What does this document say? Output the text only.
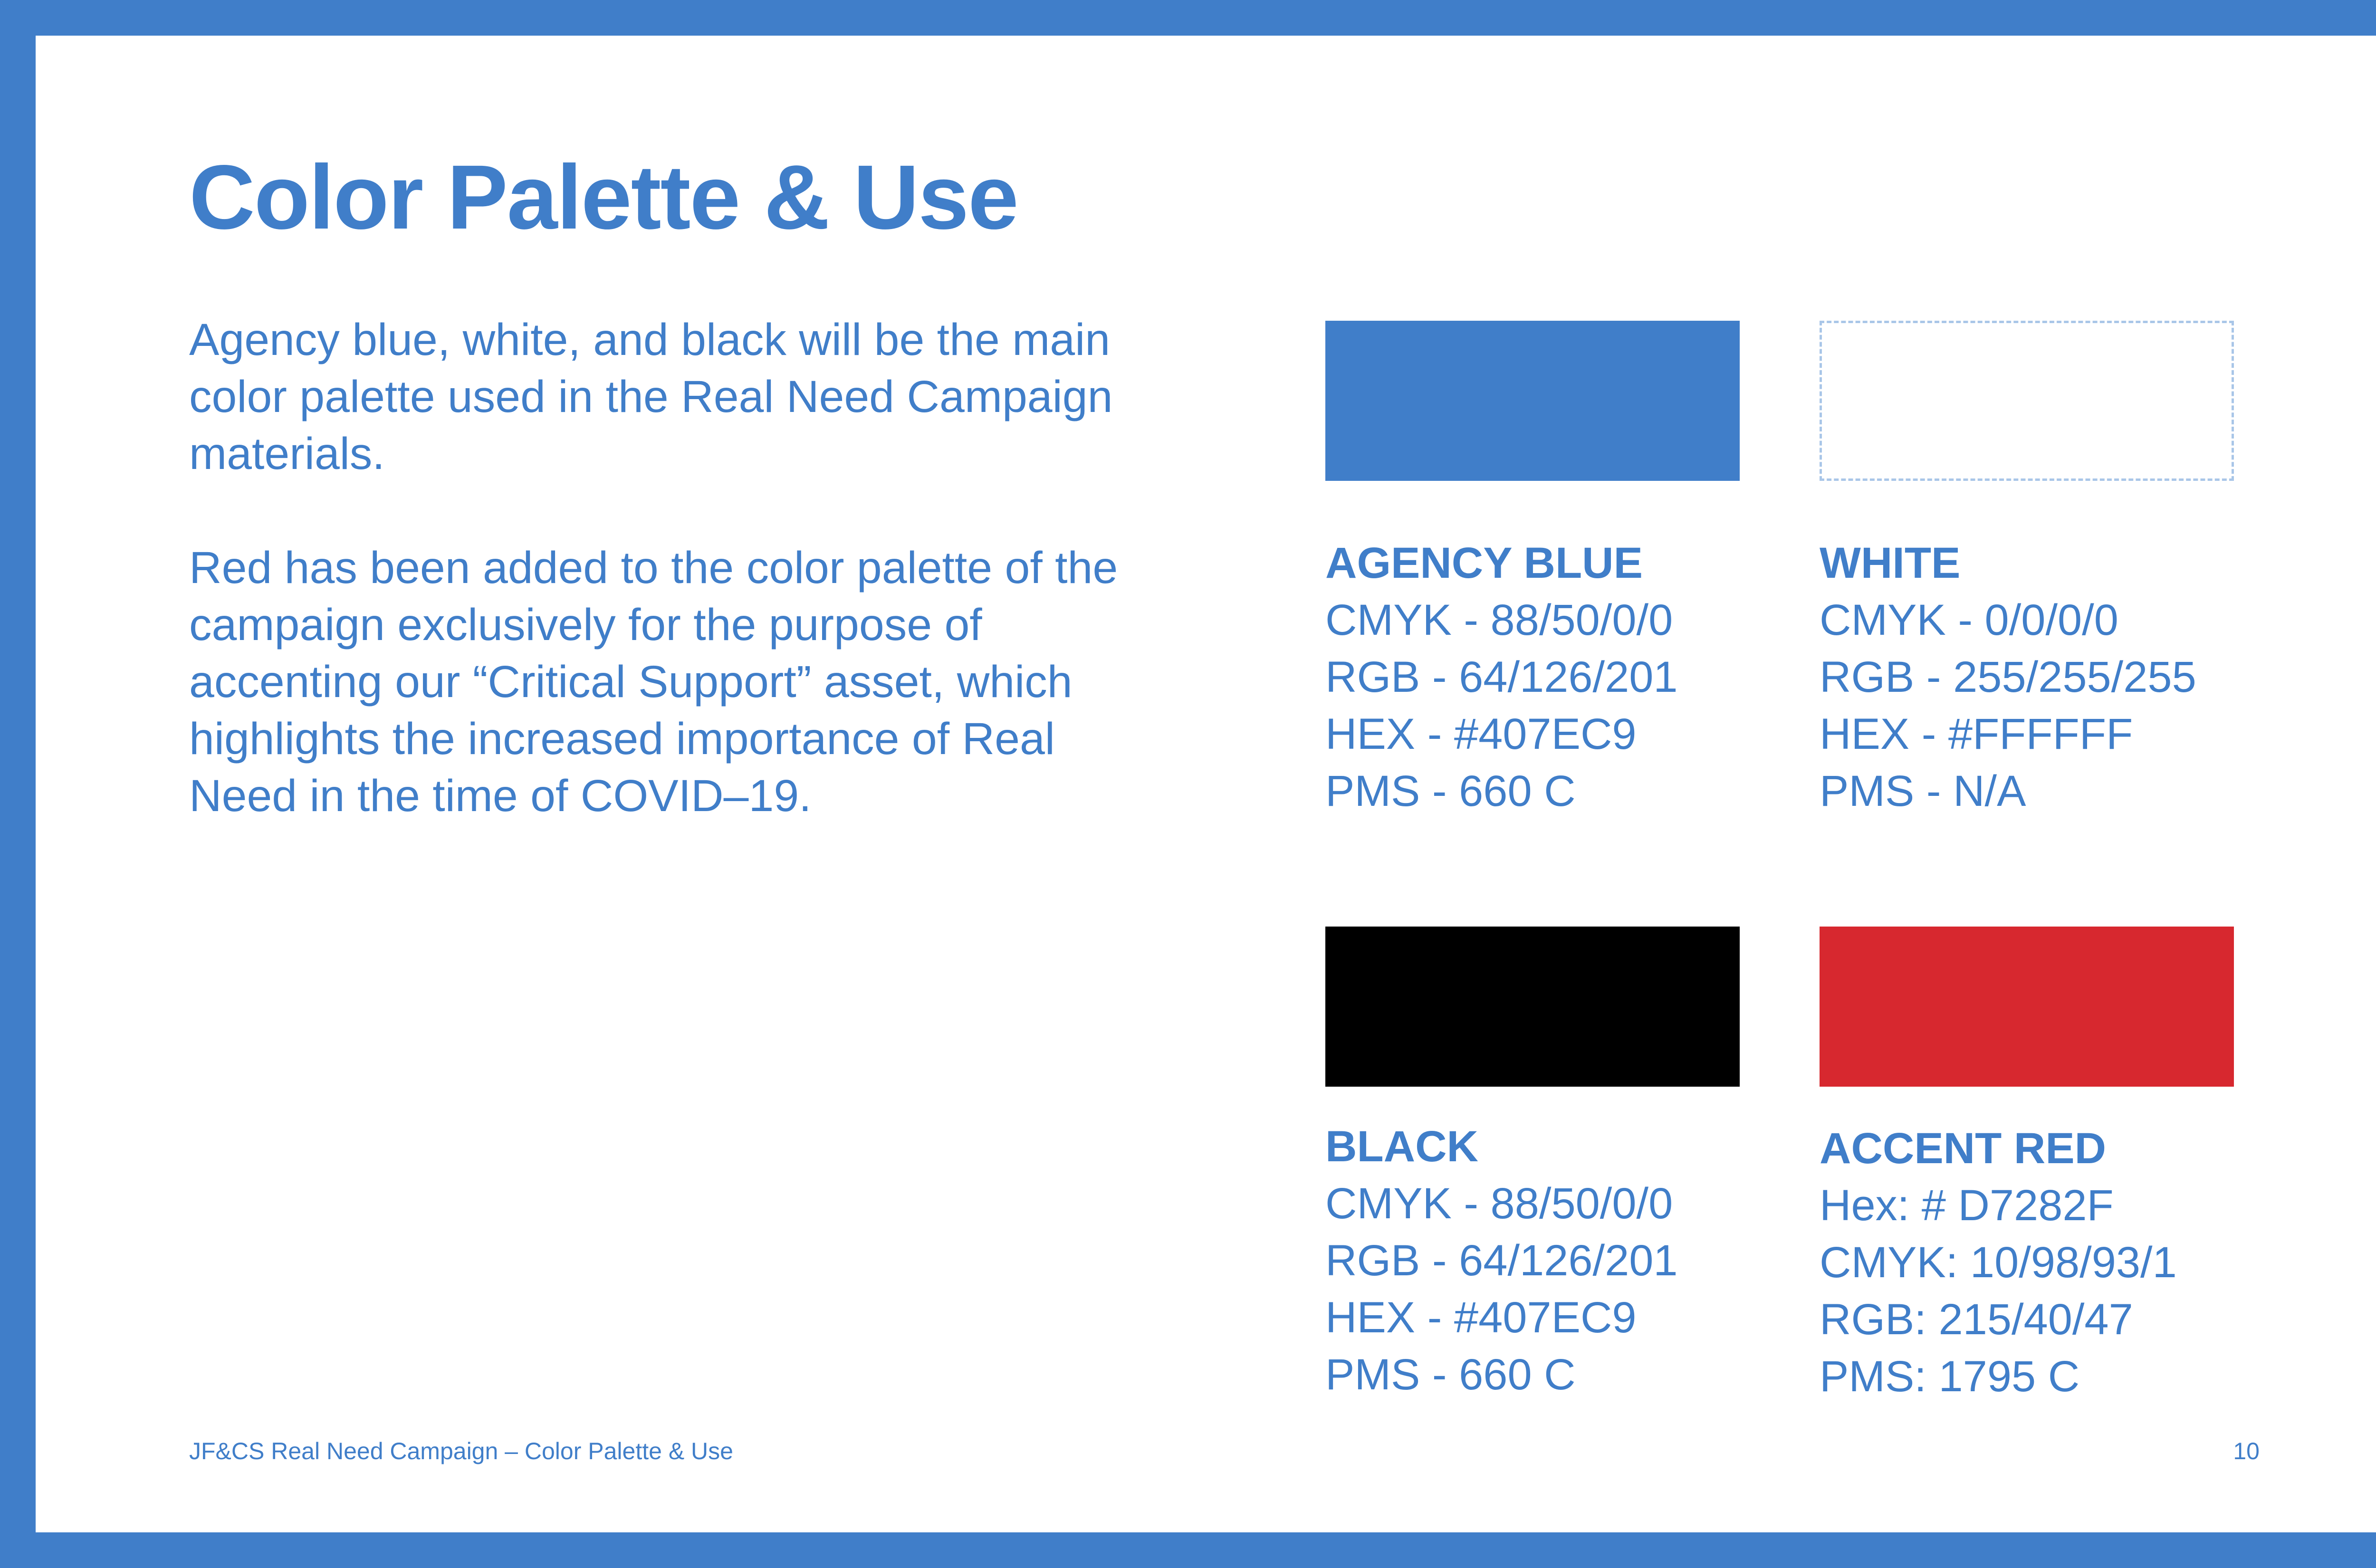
Color Palette & Use

Agency blue, white, and black will be the main color palette used in the Real Need Campaign materials.

Red has been added to the color palette of the campaign exclusively for the purpose of accenting our “Critical Support” asset, which highlights the increased importance of Real Need in the time of COVID–19.

AGENCY BLUE
CMYK - 88/50/0/0
RGB - 64/126/201
HEX - #407EC9
PMS - 660 C
WHITE
CMYK - 0/0/0/0
RGB - 255/255/255
HEX - #FFFFFF
PMS - N/A
BLACK
CMYK - 88/50/0/0
RGB - 64/126/201
HEX - #407EC9
PMS - 660 C
ACCENT RED
Hex: # D7282F
CMYK: 10/98/93/1
RGB: 215/40/47
PMS: 1795 C
JF&CS Real Need Campaign – Color Palette & Use	10
